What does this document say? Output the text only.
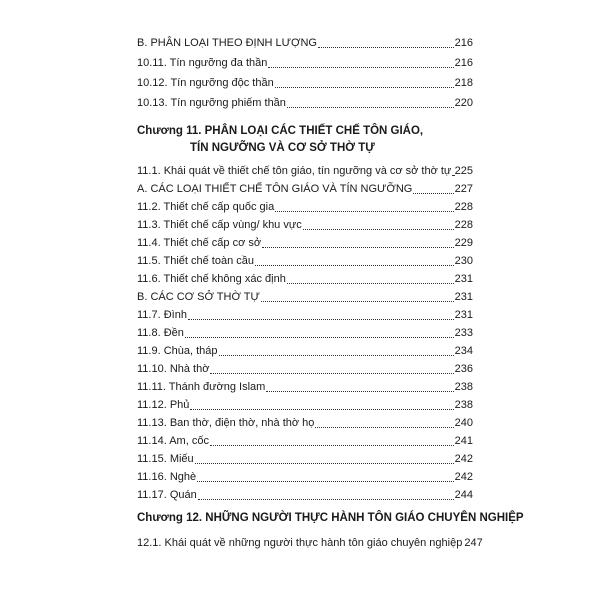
B. PHÂN LOẠI THEO ĐỊNH LƯỢNG	216
10.11. Tín ngưỡng đa thần	216
10.12. Tín ngưỡng độc thần	218
10.13. Tín ngưỡng phiếm thần	220
Chương 11. PHÂN LOẠI CÁC THIẾT CHẾ TÔN GIÁO,
TÍN NGƯỠNG VÀ CƠ SỞ THỜ TỰ
11.1. Khái quát về thiết chế tôn giáo, tín ngưỡng và cơ sở thờ tự 225
A. CÁC LOẠI THIẾT CHẾ TÔN GIÁO VÀ TÍN NGƯỠNG	227
11.2. Thiết chế cấp quốc gia	228
11.3. Thiết chế cấp vùng/ khu vực	228
11.4. Thiết chế cấp cơ sở	229
11.5. Thiết chế toàn cầu	230
11.6. Thiết chế không xác định	231
B. CÁC CƠ SỞ THỜ TỰ	231
11.7. Đình	231
11.8. Đền	233
11.9. Chùa, tháp	234
11.10. Nhà thờ	236
11.11. Thánh đường Islam	238
11.12. Phủ	238
11.13. Ban thờ, điện thờ, nhà thờ họ	240
11.14. Am, cốc	241
11.15. Miếu	242
11.16. Nghè	242
11.17. Quán	244
Chương 12. NHỮNG NGƯỜI THỰC HÀNH TÔN GIÁO CHUYÊN NGHIỆP
12.1. Khái quát về những người thực hành tôn giáo chuyên nghiệp 247
